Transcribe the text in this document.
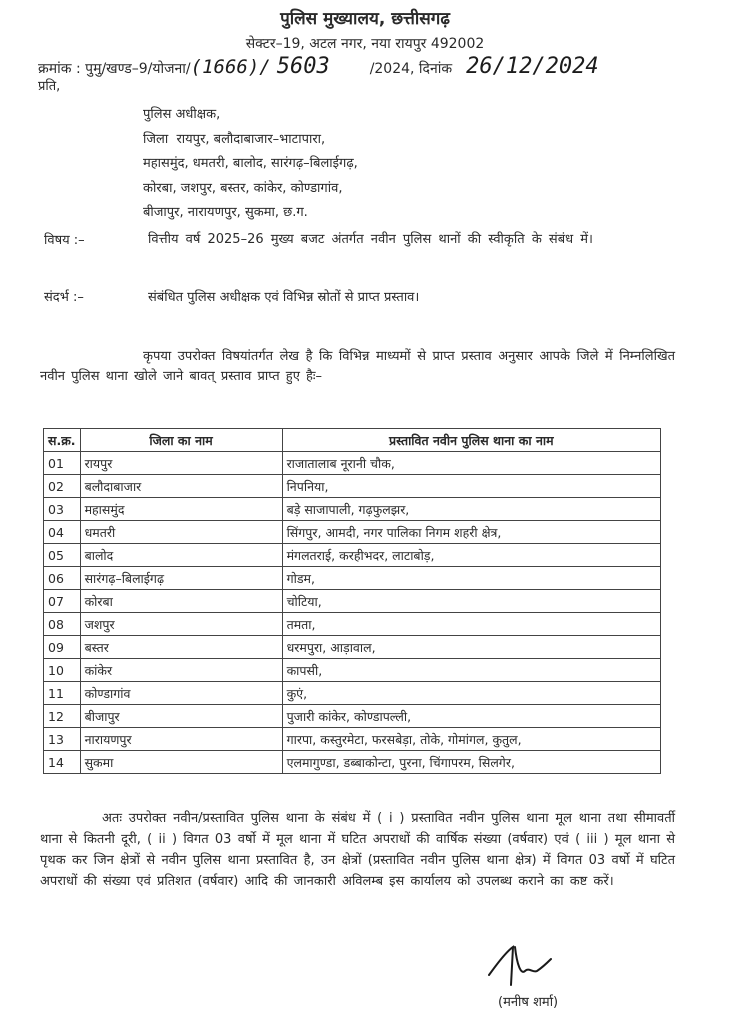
पुलिस मुख्यालय, छत्तीसगढ़
सेक्टर–19, अटल नगर, नया रायपुर 492002
क्रमांक : पुमु/खण्ड–9/योजना/ (1666)/ 5603	/2024, दिनांक 26/12/2024
प्रति,
पुलिस अधीक्षक,
जिला  रायपुर, बलौदाबाजार–भाटापारा,
महासमुंद, धमतरी, बालोद, सारंगढ़–बिलाईगढ़,
कोरबा, जशपुर, बस्तर, कांकेर, कोण्डागांव,
बीजापुर, नारायणपुर, सुकमा, छ.ग.
विषय :–	वित्तीय वर्ष 2025–26 मुख्य बजट अंतर्गत नवीन पुलिस थानों की स्वीकृति के संबंध में।
संदर्भ :–	संबंधित पुलिस अधीक्षक एवं विभिन्न स्रोतों से प्राप्त प्रस्ताव।
कृपया उपरोक्त विषयांतर्गत लेख है कि विभिन्न माध्यमों से प्राप्त प्रस्ताव अनुसार आपके जिले में निम्नलिखित नवीन पुलिस थाना खोले जाने बावत् प्रस्ताव प्राप्त हुए हैः–
स.क्र.	जिला का नाम	प्रस्तावित नवीन पुलिस थाना का नाम
01	रायपुर	राजातालाब नूरानी चौक,
02	बलौदाबाजार	निपनिया,
03	महासमुंद	बड़े साजापाली, गढ़फुलझर,
04	धमतरी	सिंगपुर, आमदी, नगर पालिका निगम शहरी क्षेत्र,
05	बालोद	मंगलतराई, करहीभदर, लाटाबोड़,
06	सारंगढ़–बिलाईगढ़	गोडम,
07	कोरबा	चोटिया,
08	जशपुर	तमता,
09	बस्तर	धरमपुरा, आड़ावाल,
10	कांकेर	कापसी,
11	कोण्डागांव	कुएं,
12	बीजापुर	पुजारी कांकेर, कोण्डापल्ली,
13	नारायणपुर	गारपा, कस्तुरमेटा, फरसबेड़ा, तोके, गोमांगल, कुतुल,
14	सुकमा	एलमागुण्डा, डब्बाकोन्टा, पुरना, चिंगापरम, सिलगेर,
अतः उपरोक्त नवीन/प्रस्तावित पुलिस थाना के संबंध में ( i ) प्रस्तावित नवीन पुलिस थाना मूल थाना तथा सीमावर्ती थाना से कितनी दूरी, ( ii ) विगत 03 वर्षो में मूल थाना में घटित अपराधों की वार्षिक संख्या (वर्षवार) एवं ( iii ) मूल थाना से पृथक कर जिन क्षेत्रों से नवीन पुलिस थाना प्रस्तावित है, उन क्षेत्रों (प्रस्तावित नवीन पुलिस थाना क्षेत्र) में विगत 03 वर्षो में घटित अपराधों की संख्या एवं प्रतिशत (वर्षवार) आदि की जानकारी अविलम्ब इस कार्यालय को उपलब्ध कराने का कष्ट करें।
(मनीष शर्मा)
